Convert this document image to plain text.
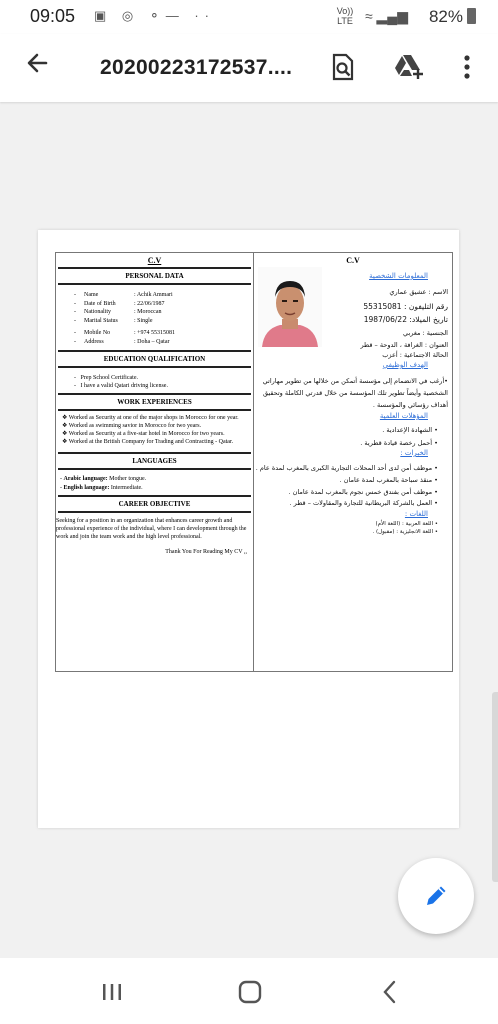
09:05 ▣ ◎ ⚬— ··	Vo)) LTE ≈ ▂▄▆ 82%
20200223172537....
C.V
PERSONAL DATA
-	Name	: Achik Ammari
-	Date of Birth	: 22/06/1987
-	Nationality	: Moroccan
-	Marital Status	: Single
-	Mobile No	: +974 55315081
-	Address	: Doha – Qatar
EDUCATION QUALIFICATION
-   Prep School Certificate.
-   I have a valid Qatari driving license.
WORK EXPERIENCES
❖ Worked as Security at one of the major shops in Morocco for one year.
❖ Worked as swimming savior in Morocco for two years.
❖ Worked as Security at a five-star hotel in Morocco for two years.
❖ Worked at the British Company for Trading and Contracting - Qatar.
LANGUAGES
- Arabic language: Mother tongue.
- English language: Intermediate.
CAREER OBJECTIVE
Seeking for a position in an organization that enhances career growth and professional experience of the individual, where I can development through the work and join the team work and the high level professional.
Thank You For Reading My CV ,,
C.V
المعلومات الشخصية
الاسم : عشيق عماري
رقم التليفون : 55315081
تاريخ الميلاد: 1987/06/22
الجنسية : مغربي
العنوان : الغرافة ، الدوحة – قطر
الحالة الاجتماعية : أعزب
الهدف الوظيفي
•أرغب في الانضمام إلى مؤسسة أتمكن من خلالها من تطوير مهاراتي الشخصية وأيضاً تطوير تلك المؤسسة من خلال قدرتي الكاملة وتحقيق أهداف رؤسائي والمؤسسة .
المؤهلات العلمية
• الشهادة الإعدادية .
• أحمل رخصة قيادة قطرية .
الخبرات :
• موظف أمن لدى أحد المحلات التجارية الكبرى بالمغرب لمدة عام .
• منقذ سباحة بالمغرب لمدة عامان .
• موظف أمن بفندق خمس نجوم بالمغرب لمدة عامان .
• العمل بالشركة البريطانية للتجارة والمقاولات – قطر .
اللغات :
• اللغة العربية : (اللغة الأم)
• اللغة الانجليزية : (مقبول) .
